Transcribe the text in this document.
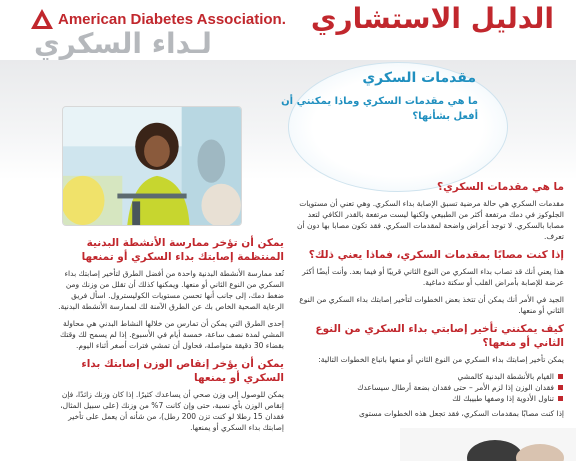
American Diabetes Association. الدليل الاستشاري
لـداء السكري
مقدمات السكري
ما هي مقدمات السكري وماذا يمكنني أن أفعل بشأنها؟
ما هي مقدمات السكري؟
مقدمات السكري هي حالة مرضية تسبق الإصابة بداء السكري. وهي تعني أن مستويات الجلوكوز في دمك مرتفعة أكثر من الطبيعي ولكنها ليست مرتفعة بالقدر الكافي لتعد مصابا بالسكري. لا توجد أعراض واضحة لمقدمات السكري. فقد تكون مصابا بها دون أن تعرف.
إذا كنت مصابًا بمقدمات السكري، فماذا يعني ذلك؟
هذا يعني أنك قد تصاب بداء السكري من النوع الثاني قريبًا أو فيما بعد. وأنت أيضًا أكثر عرضة للإصابة بأمراض القلب أو سكتة دماغية.
الجيد في الأمر أنك يمكن أن تتخذ بعض الخطوات لتأخير إصابتك بداء السكري من النوع الثاني أو منعها.
كيف يمكنني تأخير إصابتي بداء السكري من النوع الثاني أو منعها؟
يمكن تأخير إصابتك بداء السكري من النوع الثاني أو منعها باتباع الخطوات التالية:
القيام بالأنشطة البدنية كالمشي
فقدان الوزن إذا لزم الأمر – حتى فقدان بضعة أرطال سيساعدك
تناول الأدوية إذا وصفها طبيبك لك
إذا كنت مصابًا بمقدمات السكري، فقد تجعل هذه الخطوات مستوى
يمكن أن تؤخر ممارسة الأنشطة البدنية المنتظمة إصابتك بداء السكري أو تمنعها
تُعد ممارسة الأنشطة البدنية واحدة من أفضل الطرق لتأخير إصابتك بداء السكري من النوع الثاني أو منعها. ويمكنها كذلك أن تقلل من وزنك ومن ضغط دمك، إلى جانب أنها تحسن مستويات الكوليسترول. اسأل فريق الرعاية الصحية الخاص بك عن الطرق الآمنة لك لممارسة الأنشطة البدنية.
إحدى الطرق التي يمكن أن تمارس من خلالها النشاط البدني هي محاولة المشي لمدة نصف ساعة، خمسة أيام في الأسبوع. إذا لم يسمح لك وقتك بقضاء 30 دقيقة متواصلة، فحاول أن تمشي فترات أصغر أثناء اليوم.
يمكن أن يؤخر إنقاص الوزن إصابتك بداء السكري أو يمنعها
يمكن للوصول إلى وزن صحي أن يساعدك كثيرًا. إذا كان وزنك زائدًا، فإن إنقاص الوزن بأي نسبة، حتى وإن كانت 7% من وزنك (على سبيل المثال، فقدان 15 رطلا لو كنت تزن 200 رطل)، من شأنه أن يعمل على تأخير إصابتك بداء السكري أو يمنعها.
